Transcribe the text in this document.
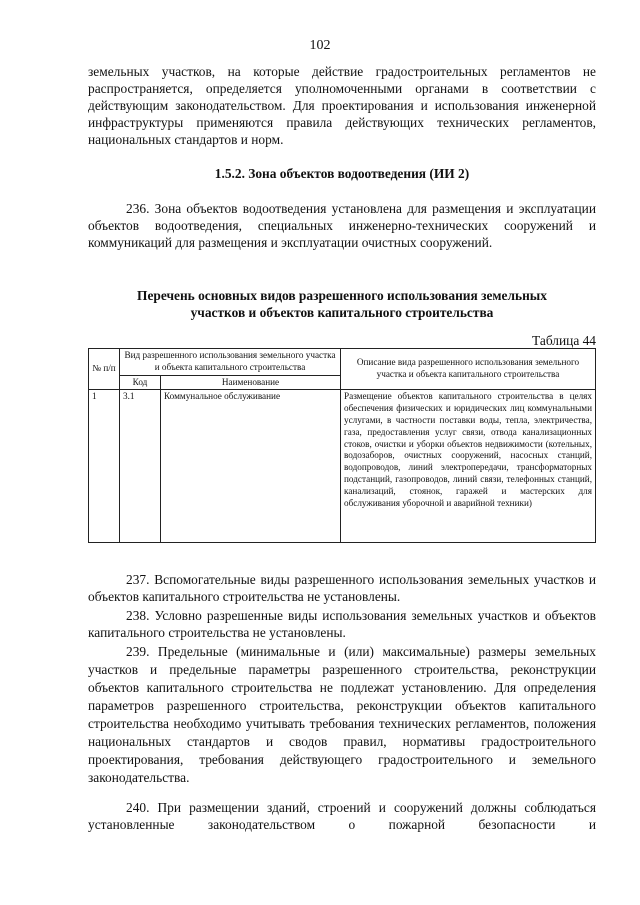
102

земельных участков, на которые действие градостроительных регламентов не распространяется, определяется уполномоченными органами в соответствии с действующим законодательством. Для проектирования и использования инженерной инфраструктуры применяются правила действующих технических регламентов, национальных стандартов и норм.

1.5.2. Зона объектов водоотведения (ИИ 2)

236. Зона объектов водоотведения установлена для размещения и эксплуатации объектов водоотведения, специальных инженерно-технических сооружений и коммуникаций для размещения и эксплуатации очистных сооружений.

Перечень основных видов разрешенного использования земельных

участков и объектов капитального строительства

Таблица 44

№ п/п	Вид разрешенного использования земельного участка и объекта капитального строительства		Описание вида разрешенного использования земельного участка и объекта капитального строительства
	Код	Наименование	
1	3.1	Коммунальное обслуживание	Размещение объектов капитального строительства в целях обеспечения физических и юридических лиц коммунальными услугами, в частности поставки воды, тепла, электричества, газа, предоставления услуг связи, отвода канализационных стоков, очистки и уборки объектов недвижимости (котельных, водозаборов, очистных сооружений, насосных станций, водопроводов, линий электропередачи, трансформаторных подстанций, газопроводов, линий связи, телефонных станций, канализаций, стоянок, гаражей и мастерских для обслуживания уборочной и аварийной техники)

237. Вспомогательные виды разрешенного использования земельных участков и объектов капитального строительства не установлены.

238. Условно разрешенные виды использования земельных участков и объектов капитального строительства не установлены.

239. Предельные (минимальные и (или) максимальные) размеры земельных участков и предельные параметры разрешенного строительства, реконструкции объектов капитального строительства не подлежат установлению. Для определения параметров разрешенного строительства, реконструкции объектов капитального строительства необходимо учитывать требования технических регламентов, положения национальных стандартов и сводов правил, нормативы градостроительного проектирования, требования действующего градостроительного и земельного законодательства.

240. При размещении зданий, строений и сооружений должны соблюдаться установленные законодательством о пожарной безопасности и
